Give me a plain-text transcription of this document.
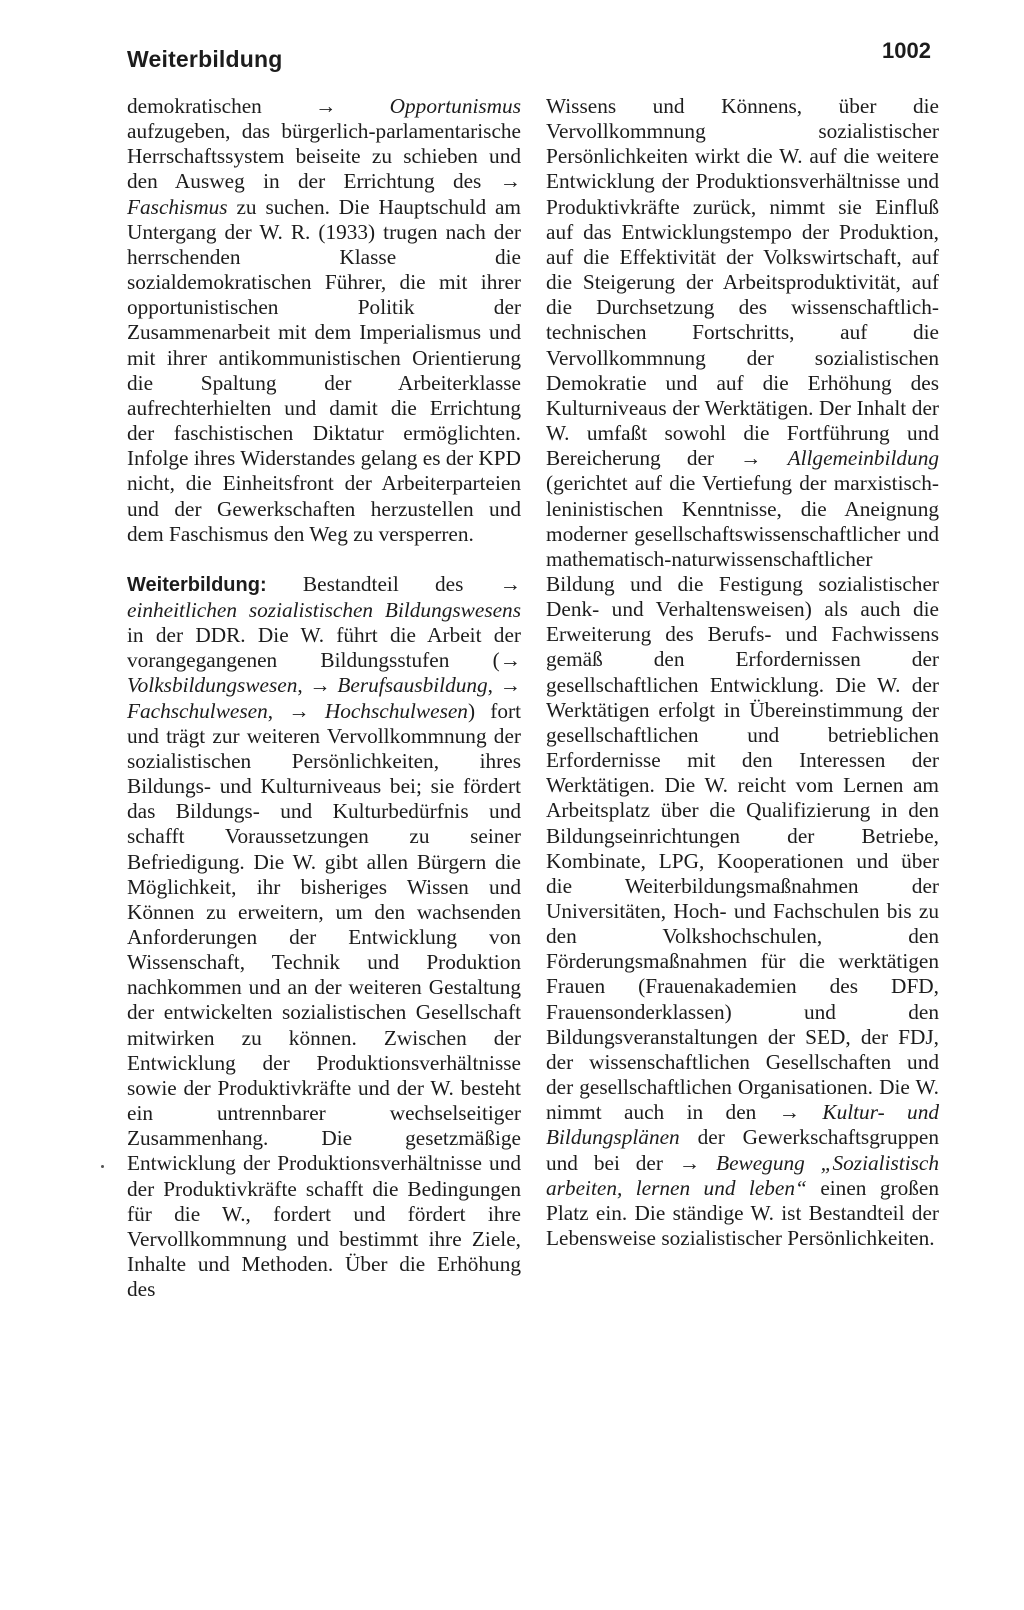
Weiterbildung	1002

demokratischen	→	Opportunismus aufzugeben, das bürgerlich-parlamentarische Herrschaftssystem beiseite zu schieben und den Ausweg in der Errichtung des → Faschismus zu suchen. Die Hauptschuld am Untergang der W. R. (1933) trugen nach der herrschenden Klasse die sozialdemokratischen Führer, die mit ihrer opportunistischen Politik der Zusammenarbeit mit dem Imperialismus und mit ihrer antikommunistischen Orientierung die Spaltung der Arbeiterklasse aufrechterhielten und damit die Errichtung der faschistischen Diktatur ermöglichten. Infolge ihres Widerstandes gelang es der KPD nicht, die Einheitsfront der Arbeiterparteien und der Gewerkschaften herzustellen und dem Faschismus den Weg zu versperren.

Weiterbildung: Bestandteil des → einheitlichen sozialistischen Bildungswesens in der DDR. Die W. führt die Arbeit der vorangegangenen Bildungsstufen (→ Volksbildungswesen, → Berufsausbildung, → Fachschulwesen, → Hochschulwesen) fort und trägt zur weiteren Vervollkommnung der sozialistischen Persönlichkeiten, ihres Bildungs- und Kulturniveaus bei; sie fördert das Bildungs- und Kulturbedürfnis und schafft Voraussetzungen zu seiner Befriedigung. Die W. gibt allen Bürgern die Möglichkeit, ihr bisheriges Wissen und Können zu erweitern, um den wachsenden Anforderungen der Entwicklung von Wissenschaft, Technik und Produktion nachkommen und an der weiteren Gestaltung der entwickelten sozialistischen Gesellschaft mitwirken zu können. Zwischen der Entwicklung der Produktionsverhältnisse sowie der Produktivkräfte und der W. besteht ein untrennbarer wechselseitiger Zusammenhang. Die gesetzmäßige Entwicklung der Produktionsverhältnisse und der Produktivkräfte schafft die Bedingungen für die W., fordert und fördert ihre Vervollkommnung und bestimmt ihre Ziele, Inhalte und Methoden. Über die Erhöhung des

Wissens und Könnens, über die Vervollkommnung sozialistischer Persönlichkeiten wirkt die W. auf die weitere Entwicklung der Produktionsverhältnisse und Produktivkräfte zurück, nimmt sie Einfluß auf das Entwicklungstempo der Produktion, auf die Effektivität der Volkswirtschaft, auf die Steigerung der Arbeitsproduktivität, auf die Durchsetzung des wissenschaftlich-technischen Fortschritts, auf die Vervollkommnung der sozialistischen Demokratie und auf die Erhöhung des Kulturniveaus der Werktätigen. Der Inhalt der W. umfaßt sowohl die Fortführung und Bereicherung der → Allgemeinbildung (gerichtet auf die Vertiefung der marxistisch-leninistischen Kenntnisse, die Aneignung moderner gesellschaftswissenschaftlicher und mathematisch-naturwissenschaftlicher Bildung und die Festigung sozialistischer Denk- und Verhaltensweisen) als auch die Erweiterung des Berufs- und Fachwissens gemäß den Erfordernissen der gesellschaftlichen Entwicklung. Die W. der Werktätigen erfolgt in Übereinstimmung der gesellschaftlichen und betrieblichen Erfordernisse mit den Interessen der Werktätigen. Die W. reicht vom Lernen am Arbeitsplatz über die Qualifizierung in den Bildungseinrichtungen der Betriebe, Kombinate, LPG, Kooperationen und über die Weiterbildungsmaßnahmen der Universitäten, Hoch- und Fachschulen bis zu den Volkshochschulen, den Förderungsmaßnahmen für die werktätigen Frauen (Frauenakademien des DFD, Frauensonderklassen) und den Bildungsveranstaltungen der SED, der FDJ, der wissenschaftlichen Gesellschaften und der gesellschaftlichen Organisationen. Die W. nimmt auch in den → Kultur- und Bildungsplänen der Gewerkschaftsgruppen und bei der → Bewegung „Sozialistisch arbeiten, lernen und leben“ einen großen Platz ein. Die ständige W. ist Bestandteil der Lebensweise sozialistischer Persönlichkeiten.
